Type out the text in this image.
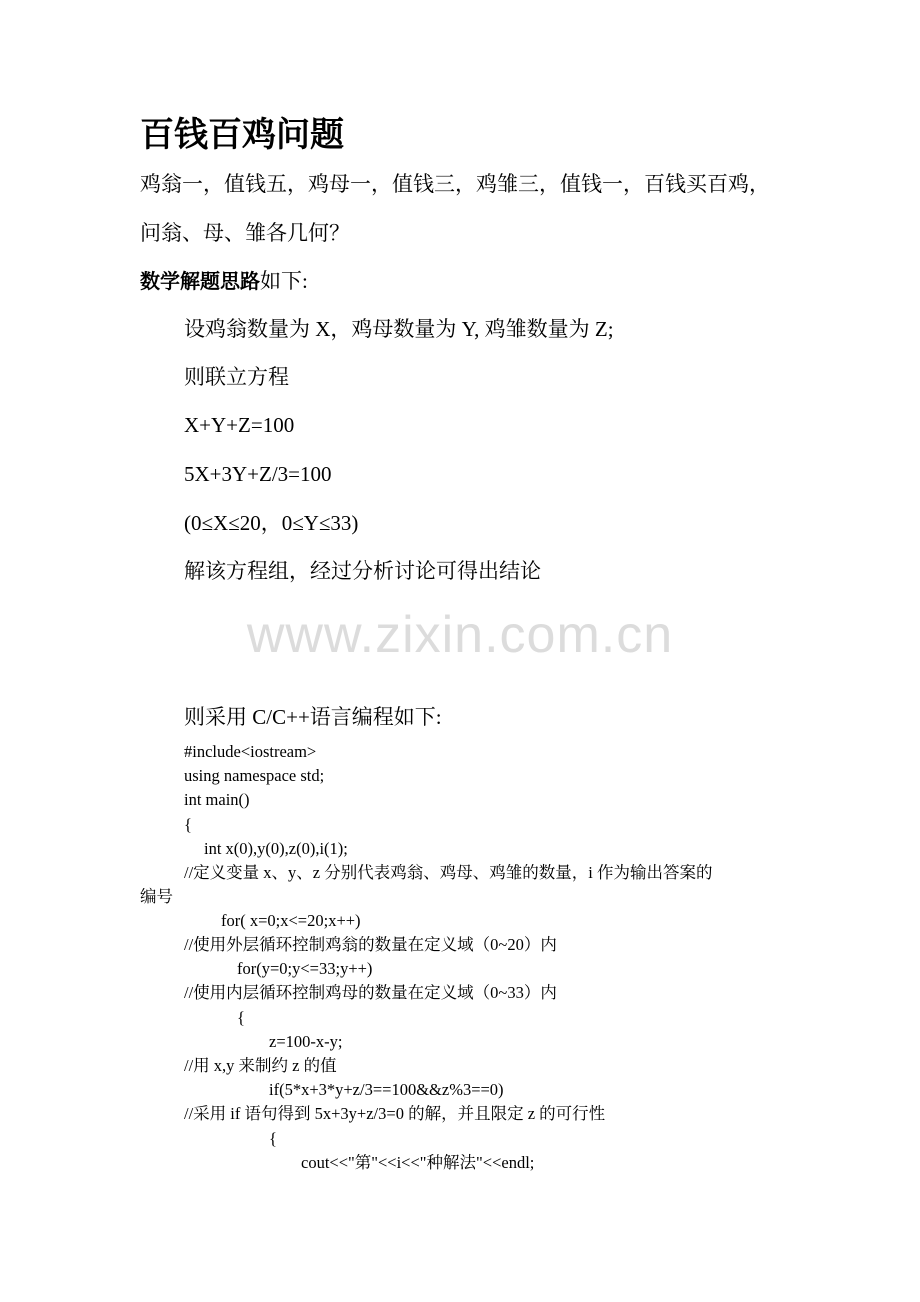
百钱百鸡问题
鸡翁一，值钱五，鸡母一，值钱三，鸡雏三，值钱一，百钱买百鸡，
问翁、母、雏各几何？
数学解题思路如下:
设鸡翁数量为 X，鸡母数量为 Y, 鸡雏数量为 Z;
则联立方程
X+Y+Z=100
5X+3Y+Z/3=100
(0≤X≤20，0≤Y≤33)
解该方程组，经过分析讨论可得出结论
www.zixin.com.cn
则采用 C/C++语言编程如下:
#include<iostream>
using namespace std;
int main()
{
int x(0),y(0),z(0),i(1);
//定义变量 x、y、z 分别代表鸡翁、鸡母、鸡雏的数量，i 作为输出答案的
编号
for( x=0;x<=20;x++)
//使用外层循环控制鸡翁的数量在定义域（0~20）内
for(y=0;y<=33;y++)
//使用内层循环控制鸡母的数量在定义域（0~33）内
{
z=100-x-y;
//用 x,y 来制约 z 的值
if(5*x+3*y+z/3==100&&z%3==0)
//采用 if 语句得到 5x+3y+z/3=0 的解，并且限定 z 的可行性
{
cout<<"第"<<i<<"种解法"<<endl;
